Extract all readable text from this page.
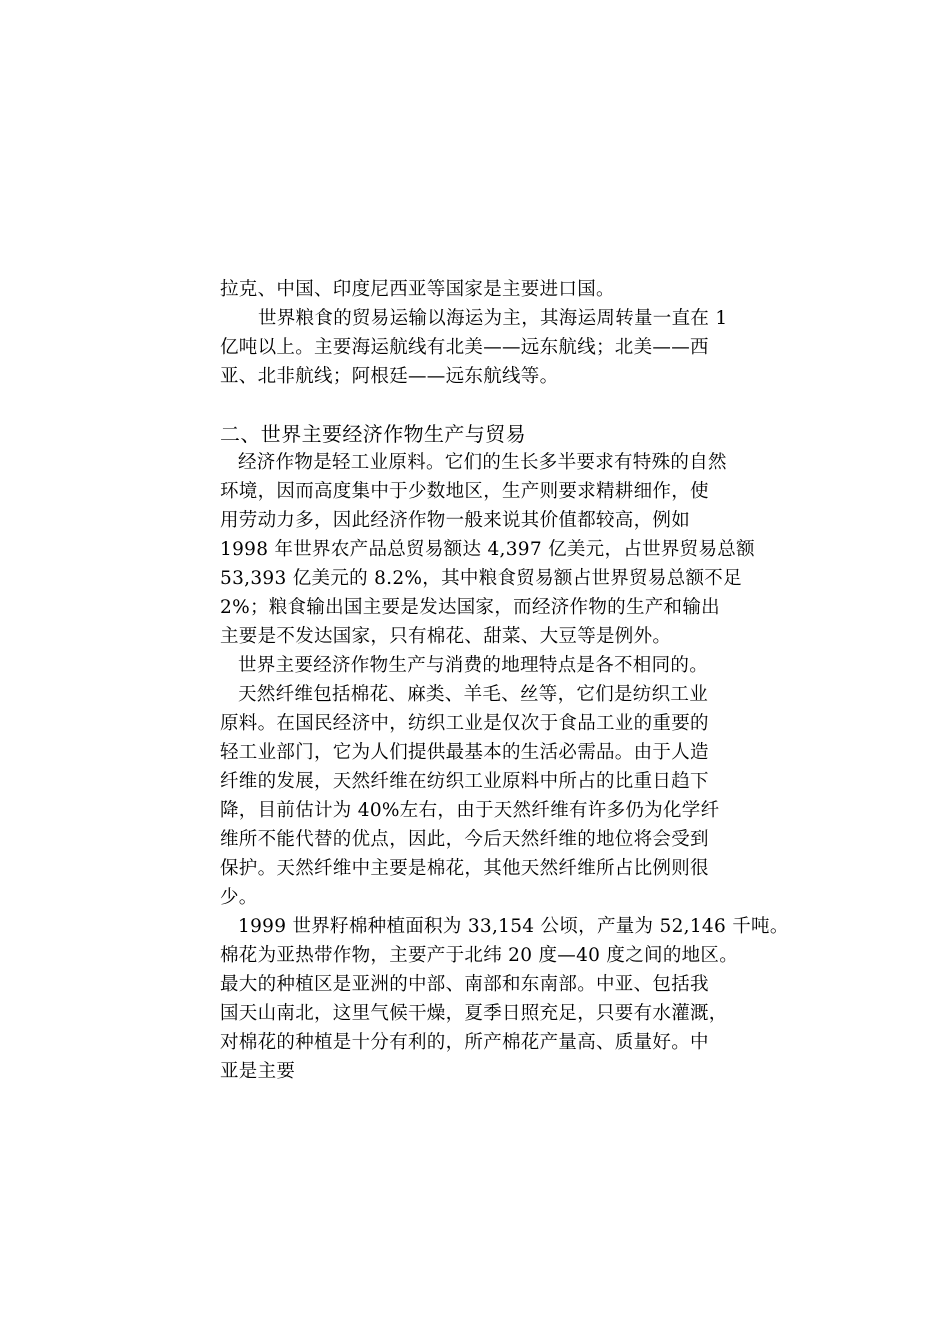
拉克、中国、印度尼西亚等国家是主要进口国。
世界粮食的贸易运输以海运为主，其海运周转量一直在 1
亿吨以上。主要海运航线有北美——远东航线；北美——西
亚、北非航线；阿根廷——远东航线等。
二、世界主要经济作物生产与贸易
经济作物是轻工业原料。它们的生长多半要求有特殊的自然
环境，因而高度集中于少数地区，生产则要求精耕细作，使
用劳动力多，因此经济作物一般来说其价值都较高，例如
1998 年世界农产品总贸易额达 4,397 亿美元，占世界贸易总额
53,393 亿美元的 8.2%，其中粮食贸易额占世界贸易总额不足
2%；粮食输出国主要是发达国家，而经济作物的生产和输出
主要是不发达国家，只有棉花、甜菜、大豆等是例外。
世界主要经济作物生产与消费的地理特点是各不相同的。
天然纤维包括棉花、麻类、羊毛、丝等，它们是纺织工业
原料。在国民经济中，纺织工业是仅次于食品工业的重要的
轻工业部门，它为人们提供最基本的生活必需品。由于人造
纤维的发展，天然纤维在纺织工业原料中所占的比重日趋下
降，目前估计为 40%左右，由于天然纤维有许多仍为化学纤
维所不能代替的优点，因此，今后天然纤维的地位将会受到
保护。天然纤维中主要是棉花，其他天然纤维所占比例则很
少。
1999 世界籽棉种植面积为 33,154 公顷，产量为 52,146 千吨。
棉花为亚热带作物，主要产于北纬 20 度—40 度之间的地区。
最大的种植区是亚洲的中部、南部和东南部。中亚、包括我
国天山南北，这里气候干燥，夏季日照充足，只要有水灌溉，
对棉花的种植是十分有利的，所产棉花产量高、质量好。中
亚是主要
